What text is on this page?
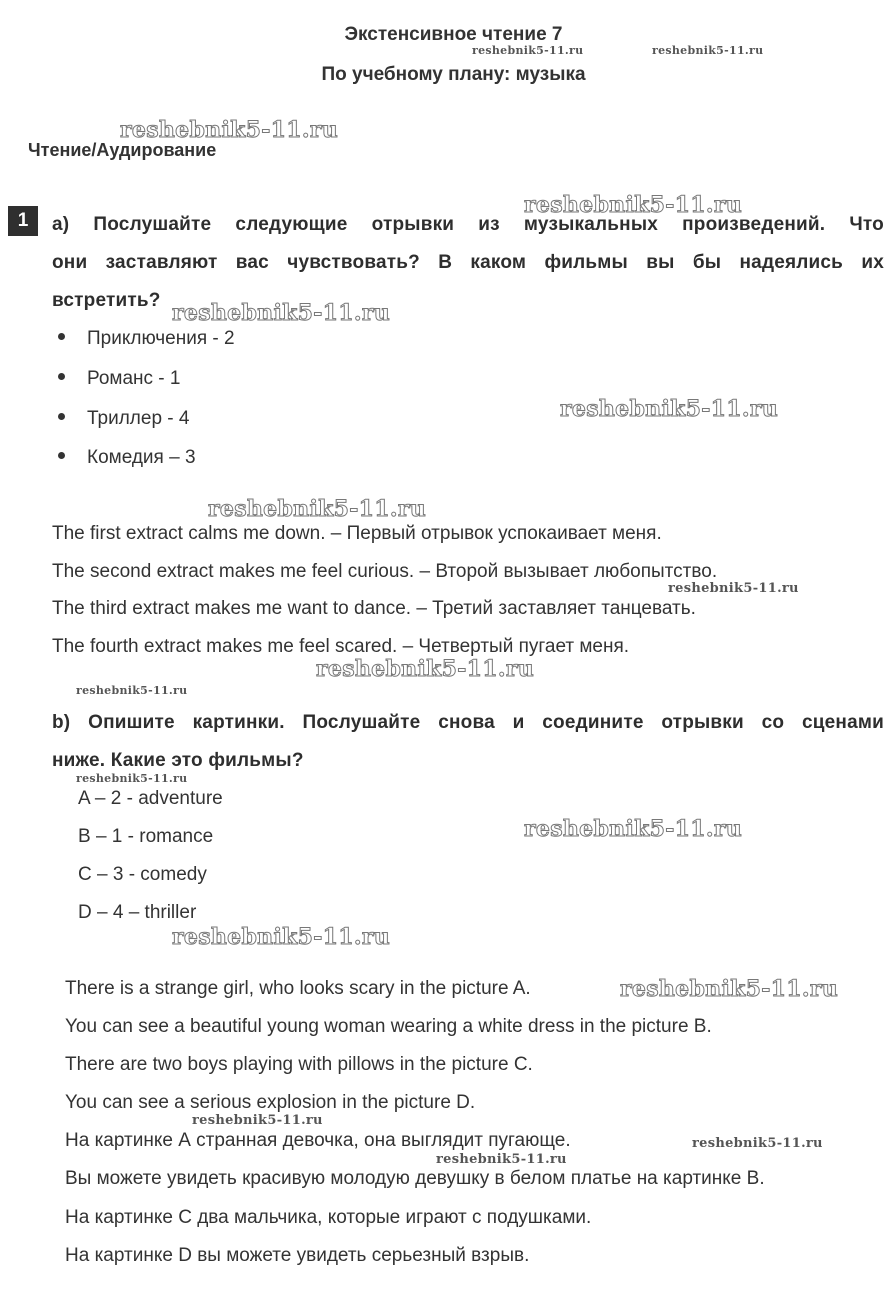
Экстенсивное чтение 7
По учебному плану: музыка
Чтение/Аудирование
1	a) Послушайте следующие отрывки из музыкальных произведений. Что
они заставляют вас чувствовать? В каком фильмы вы бы надеялись их
встретить?
Приключения - 2
Романс - 1
Триллер - 4
Комедия – 3
The first extract calms me down. – Первый отрывок успокаивает меня.
The second extract makes me feel curious. – Второй вызывает любопытство.
The third extract makes me want to dance. – Третий заставляет танцевать.
The fourth extract makes me feel scared. – Четвертый пугает меня.
b) Опишите картинки. Послушайте снова и соедините отрывки со сценами
ниже. Какие это фильмы?
A – 2 - adventure
B – 1 - romance
C – 3 - comedy
D – 4 – thriller
There is a strange girl, who looks scary in the picture A.
You can see a beautiful young woman wearing a white dress in the picture B.
There are two boys playing with pillows in the picture C.
You can see a serious explosion in the picture D.
На картинке А странная девочка, она выглядит пугающе.
Вы можете увидеть красивую молодую девушку в белом платье на картинке В.
На картинке С два мальчика, которые играют с подушками.
На картинке D вы можете увидеть серьезный взрыв.
reshebnik5-11.ru	reshebnik5-11.ru
reshebnik5-11.ru
reshebnik5-11.ru
reshebnik5-11.ru
reshebnik5-11.ru
reshebnik5-11.ru
reshebnik5-11.ru
reshebnik5-11.ru
reshebnik5-11.ru
reshebnik5-11.ru
reshebnik5-11.ru
reshebnik5-11.ru
reshebnik5-11.ru
reshebnik5-11.ru
reshebnik5-11.ru
reshebnik5-11.ru
